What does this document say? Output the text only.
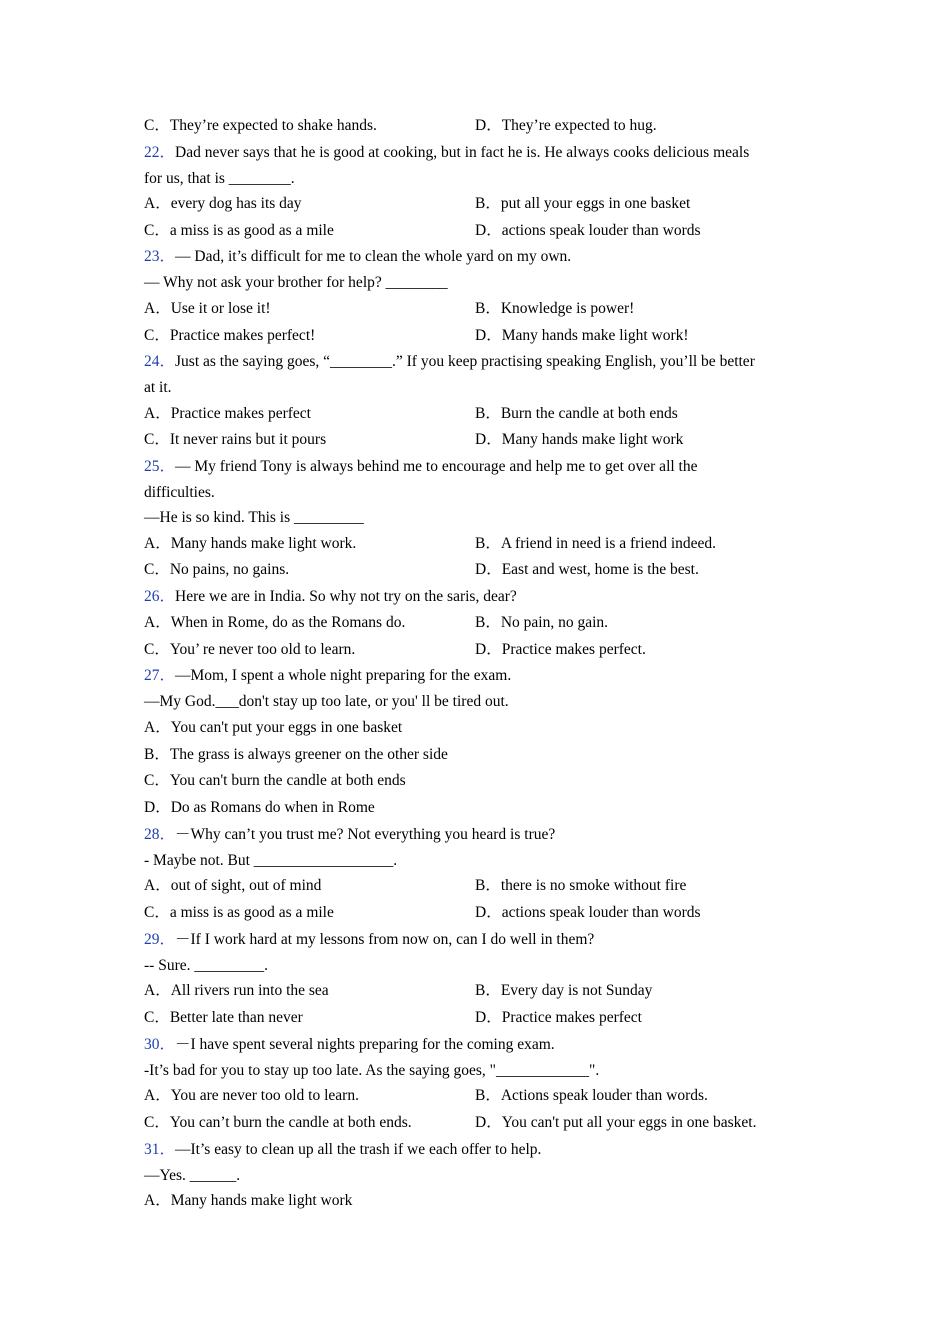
C．They’re expected to shake hands.	D．They’re expected to hug.
22．Dad never says that he is good at cooking, but in fact he is. He always cooks delicious meals
for us, that is ________.
A．every dog has its day	B．put all your eggs in one basket
C．a miss is as good as a mile	D．actions speak louder than words
23．— Dad, it’s difficult for me to clean the whole yard on my own.
— Why not ask your brother for help? ________
A．Use it or lose it!	B．Knowledge is power!
C．Practice makes perfect!	D．Many hands make light work!
24．Just as the saying goes, “________.” If you keep practising speaking English, you’ll be better
at it.
A．Practice makes perfect	B．Burn the candle at both ends
C．It never rains but it pours	D．Many hands make light work
25．— My friend Tony is always behind me to encourage and help me to get over all the
difficulties.
—He is so kind. This is _________
A．Many hands make light work.	B．A friend in need is a friend indeed.
C．No pains, no gains.	D．East and west, home is the best.
26．Here we are in India. So why not try on the saris, dear?
A．When in Rome, do as the Romans do.	B．No pain, no gain.
C．You’ re never too old to learn.	D．Practice makes perfect.
27．—Mom, I spent a whole night preparing for the exam.
—My God.___don't stay up too late, or you' ll be tired out.
A．You can't put your eggs in one basket
B．The grass is always greener on the other side
C．You can't burn the candle at both ends
D．Do as Romans do when in Rome
28．－Why can’t you trust me? Not everything you heard is true?
- Maybe not. But __________________.
A．out of sight, out of mind	B．there is no smoke without fire
C．a miss is as good as a mile	D．actions speak louder than words
29．－If I work hard at my lessons from now on, can I do well in them?
-- Sure. _________.
A．All rivers run into the sea	B．Every day is not Sunday
C．Better late than never	D．Practice makes perfect
30．－I have spent several nights preparing for the coming exam.
-It’s bad for you to stay up too late. As the saying goes, "____________".
A．You are never too old to learn.	B．Actions speak louder than words.
C．You can’t burn the candle at both ends.	D．You can't put all your eggs in one basket.
31．—It’s easy to clean up all the trash if we each offer to help.
—Yes. ______.
A．Many hands make light work
